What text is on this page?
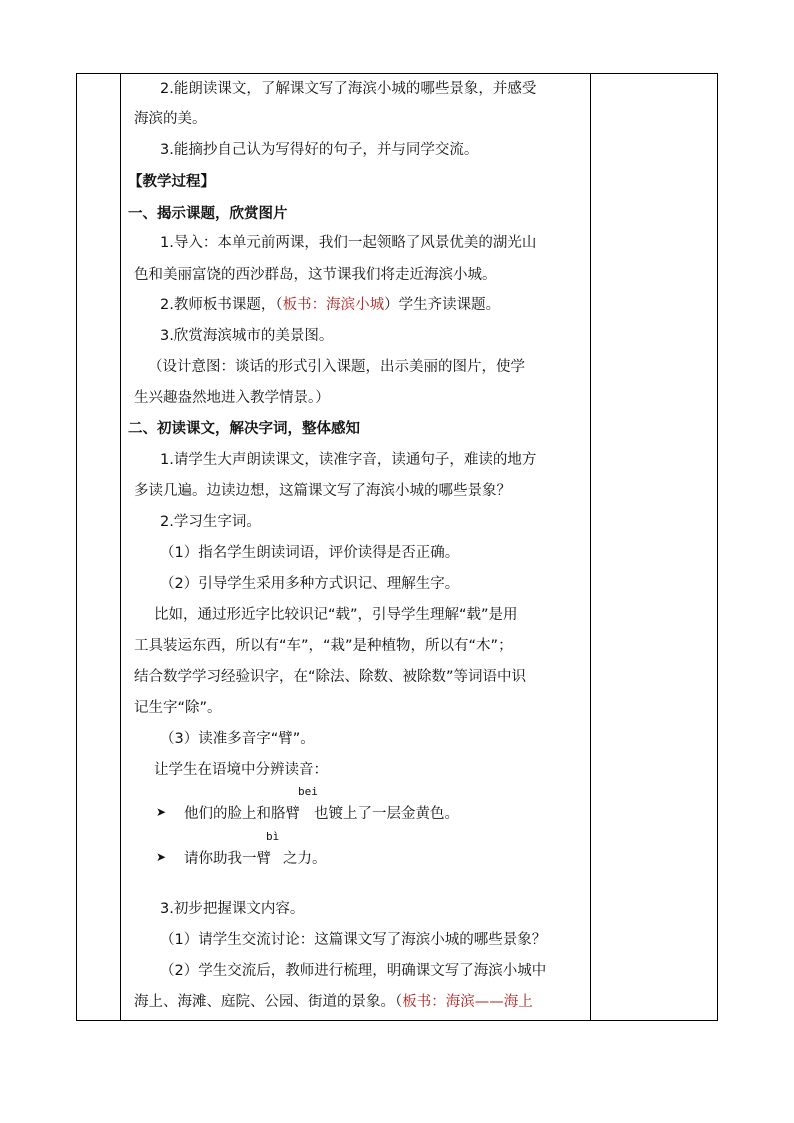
2.能朗读课文，了解课文写了海滨小城的哪些景象，并感受
海滨的美。
3.能摘抄自己认为写得好的句子，并与同学交流。
【教学过程】
一、揭示课题，欣赏图片
1.导入：本单元前两课，我们一起领略了风景优美的湖光山
色和美丽富饶的西沙群岛，这节课我们将走近海滨小城。
2.教师板书课题，（板书：海滨小城）学生齐读课题。
3.欣赏海滨城市的美景图。
（设计意图：谈话的形式引入课题，出示美丽的图片，使学
生兴趣盎然地进入教学情景。）
二、初读课文，解决字词，整体感知
1.请学生大声朗读课文，读准字音，读通句子，难读的地方
多读几遍。边读边想，这篇课文写了海滨小城的哪些景象？
2.学习生字词。
（1）指名学生朗读词语，评价读得是否正确。
（2）引导学生采用多种方式识记、理解生字。
比如，通过形近字比较识记“载”，引导学生理解“载”是用
工具装运东西，所以有“车”，“栽”是种植物，所以有“木”；
结合数学学习经验识字，在“除法、除数、被除数”等词语中识
记生字“除”。
（3）读准多音字“臂”。
让学生在语境中分辨读音：
➤
bei
他们的脸上和胳臂 也镀上了一层金黄色。
➤
bì
请你助我一臂 之力。
3.初步把握课文内容。
（1）请学生交流讨论：这篇课文写了海滨小城的哪些景象？
（2）学生交流后，教师进行梳理，明确课文写了海滨小城中
海上、海滩、庭院、公园、街道的景象。（板书：海滨——海上
